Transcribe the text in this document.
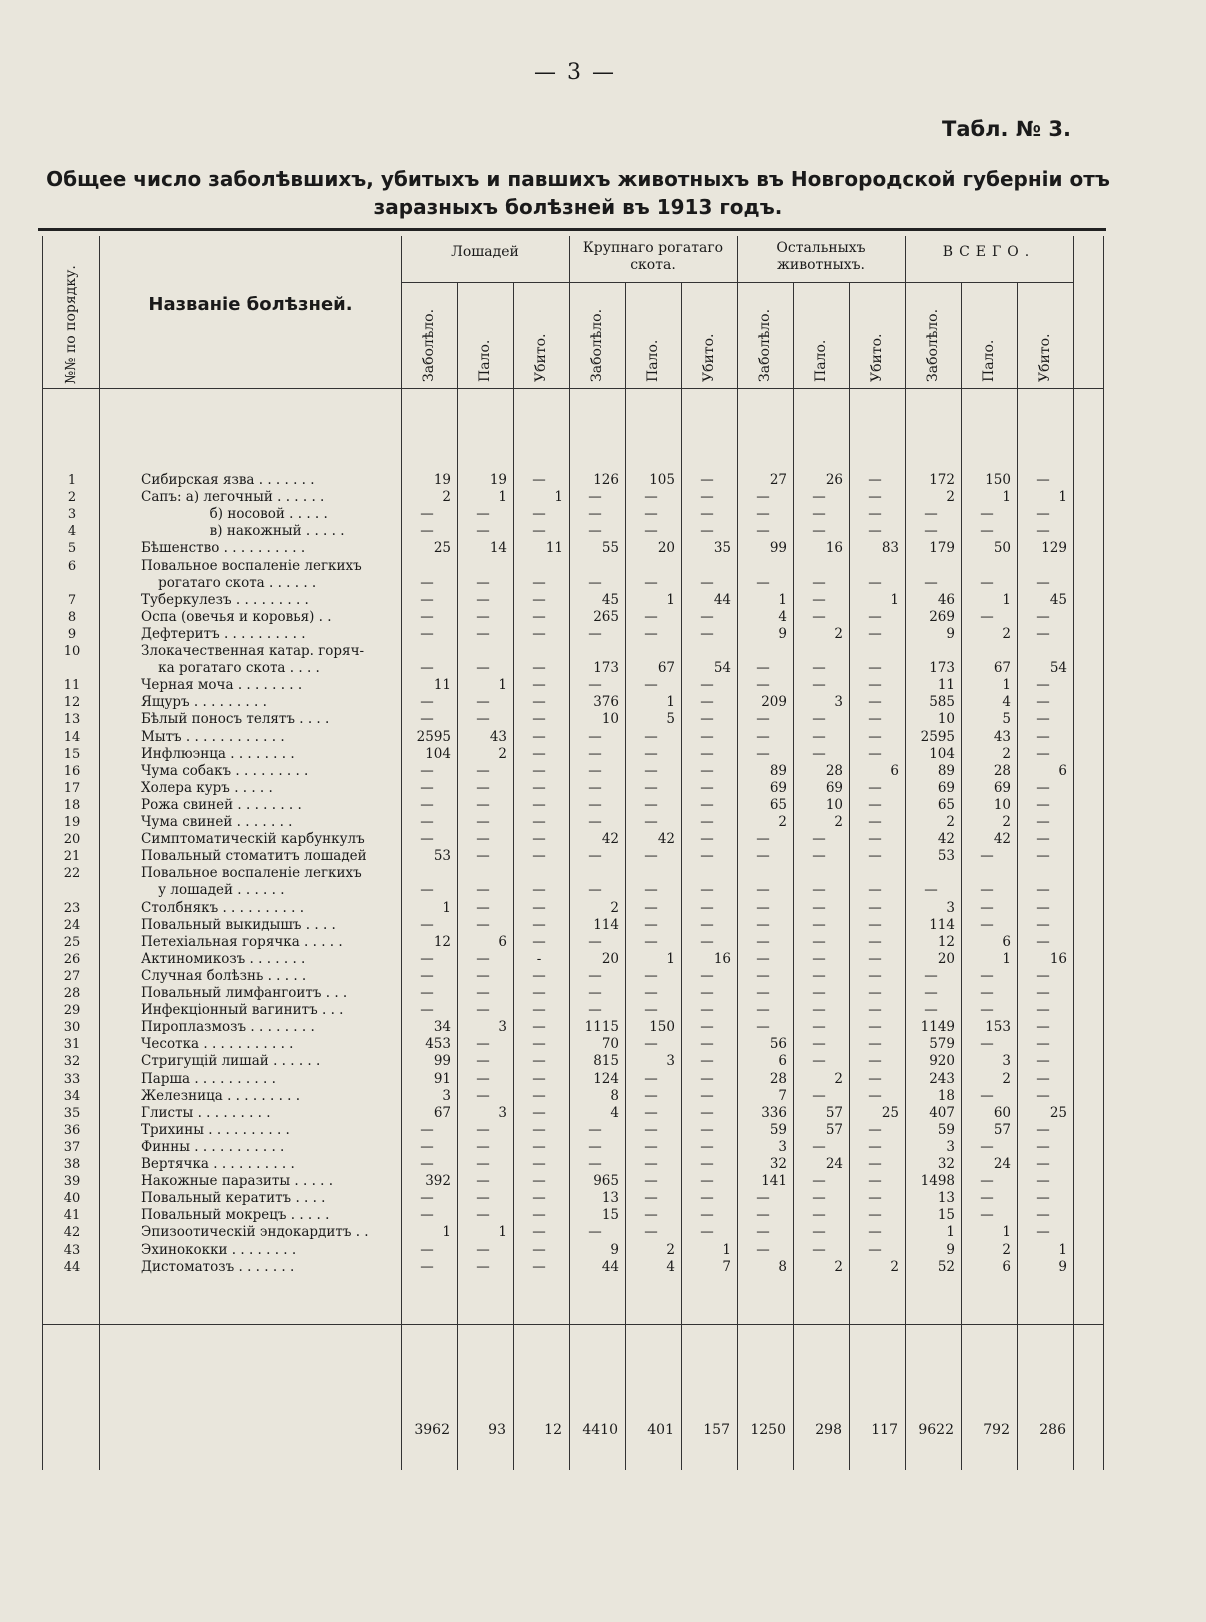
— 3 —
Табл. № 3.
Общее число заболѣвшихъ, убитыхъ и павшихъ животныхъ въ Новгородской губерніи отъ
заразныхъ болѣзней въ 1913 годъ.
№№ по порядку.	Названіе болѣзней.
Лошадей	Крупнаго рогатаго скота.
Остальныхъ животныхъ.
ВСЕГО.
Заболѣло.	Пало.	Убито.	Заболѣло.	Пало.	Убито.	Заболѣло.	Пало.	Убито.	Заболѣло.	Пало.	Убито.
1	Сибирская язва . . . . . . .	19	19	—	126	105	—	27	26	—	172	150	—
2	Сапъ: а) легочный . . . . . .	2	1	1	—	—	—	—	—	—	2	1	1
3	б) носовой . . . . .	—	—	—	—	—	—	—	—	—	—	—	—
4	в) накожный . . . . .	—	—	—	—	—	—	—	—	—	—	—	—
5	Бѣшенство . . . . . . . . . .	25	14	11	55	20	35	99	16	83	179	50	129
6	Повальное воспаленіе легкихъ
рогатаго скота . . . . . .	—	—	—	—	—	—	—	—	—	—	—	—
7	Туберкулезъ . . . . . . . . .	—	—	—	45	1	44	1	—	1	46	1	45
8	Оспа (овечья и коровья) . .	—	—	—	265	—	—	4	—	—	269	—	—
9	Дефтеритъ . . . . . . . . . .	—	—	—	—	—	—	9	2	—	9	2	—
10	Злокачественная катар. горяч-
ка рогатаго скота . . . .	—	—	—	173	67	54	—	—	—	173	67	54
11	Черная моча . . . . . . . .	11	1	—	—	—	—	—	—	—	11	1	—
12	Ящуръ . . . . . . . . .	—	—	—	376	1	—	209	3	—	585	4	—
13	Бѣлый поносъ телятъ . . . .	—	—	—	10	5	—	—	—	—	10	5	—
14	Мытъ . . . . . . . . . . . .	2595	43	—	—	—	—	—	—	—	2595	43	—
15	Инфлюэнца . . . . . . . .	104	2	—	—	—	—	—	—	—	104	2	—
16	Чума собакъ . . . . . . . . .	—	—	—	—	—	—	89	28	6	89	28	6
17	Холера куръ . . . . .	—	—	—	—	—	—	69	69	—	69	69	—
18	Рожа свиней . . . . . . . .	—	—	—	—	—	—	65	10	—	65	10	—
19	Чума свиней . . . . . . .	—	—	—	—	—	—	2	2	—	2	2	—
20	Симптоматическій карбункулъ	—	—	—	42	42	—	—	—	—	42	42	—
21	Повальный стоматитъ лошадей	53	—	—	—	—	—	—	—	—	53	—	—
22	Повальное воспаленіе легкихъ
у лошадей . . . . . .	—	—	—	—	—	—	—	—	—	—	—	—
23	Столбнякъ . . . . . . . . . .	1	—	—	2	—	—	—	—	—	3	—	—
24	Повальный выкидышъ . . . .	—	—	—	114	—	—	—	—	—	114	—	—
25	Петехіальная горячка . . . . .	12	6	—	—	—	—	—	—	—	12	6	—
26	Актиномикозъ . . . . . . .	—	—	-	20	1	16	—	—	—	20	1	16
27	Случная болѣзнь . . . . .	—	—	—	—	—	—	—	—	—	—	—	—
28	Повальный лимфангоитъ . . .	—	—	—	—	—	—	—	—	—	—	—	—
29	Инфекціонный вагинитъ . . .	—	—	—	—	—	—	—	—	—	—	—	—
30	Пироплазмозъ . . . . . . . .	34	3	—	1115	150	—	—	—	—	1149	153	—
31	Чесотка . . . . . . . . . . .	453	—	—	70	—	—	56	—	—	579	—	—
32	Стригущій лишай . . . . . .	99	—	—	815	3	—	6	—	—	920	3	—
33	Парша . . . . . . . . . .	91	—	—	124	—	—	28	2	—	243	2	—
34	Железница . . . . . . . . .	3	—	—	8	—	—	7	—	—	18	—	—
35	Глисты . . . . . . . . .	67	3	—	4	—	—	336	57	25	407	60	25
36	Трихины . . . . . . . . . .	—	—	—	—	—	—	59	57	—	59	57	—
37	Финны . . . . . . . . . . .	—	—	—	—	—	—	3	—	—	3	—	—
38	Вертячка . . . . . . . . . .	—	—	—	—	—	—	32	24	—	32	24	—
39	Накожные паразиты . . . . .	392	—	—	965	—	—	141	—	—	1498	—	—
40	Повальный кератитъ . . . .	—	—	—	13	—	—	—	—	—	13	—	—
41	Повальный мокрецъ . . . . .	—	—	—	15	—	—	—	—	—	15	—	—
42	Эпизоотическій эндокардитъ . .	1	1	—	—	—	—	—	—	—	1	1	—
43	Эхинококки . . . . . . . .	—	—	—	9	2	1	—	—	—	9	2	1
44	Дистоматозъ . . . . . . .	—	—	—	44	4	7	8	2	2	52	6	9
3962	93	12	4410	401	157	1250	298	117	9622	792	286
